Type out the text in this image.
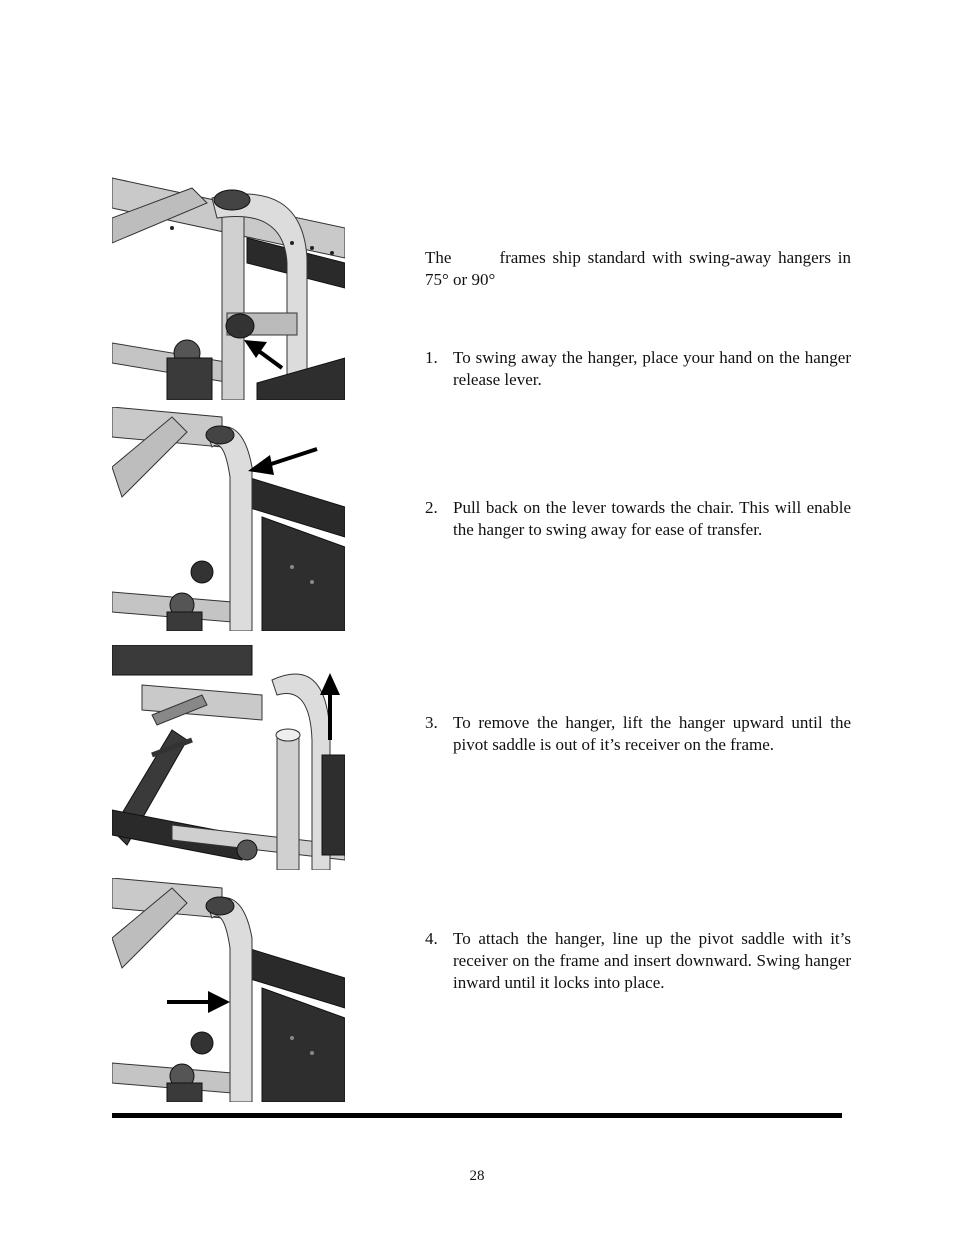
The	frames ship standard with swing-away hangers in 75° or 90°

1. To swing away the hanger, place your hand on the hanger release lever.
2. Pull back on the lever towards the chair. This will enable the hanger to swing away for ease of transfer.
3. To remove the hanger, lift the hanger upward until the pivot saddle is out of it’s receiver on the frame.
4. To attach the hanger, line up the pivot saddle with it’s receiver on the frame and insert downward. Swing hanger inward until it locks into place.
28
